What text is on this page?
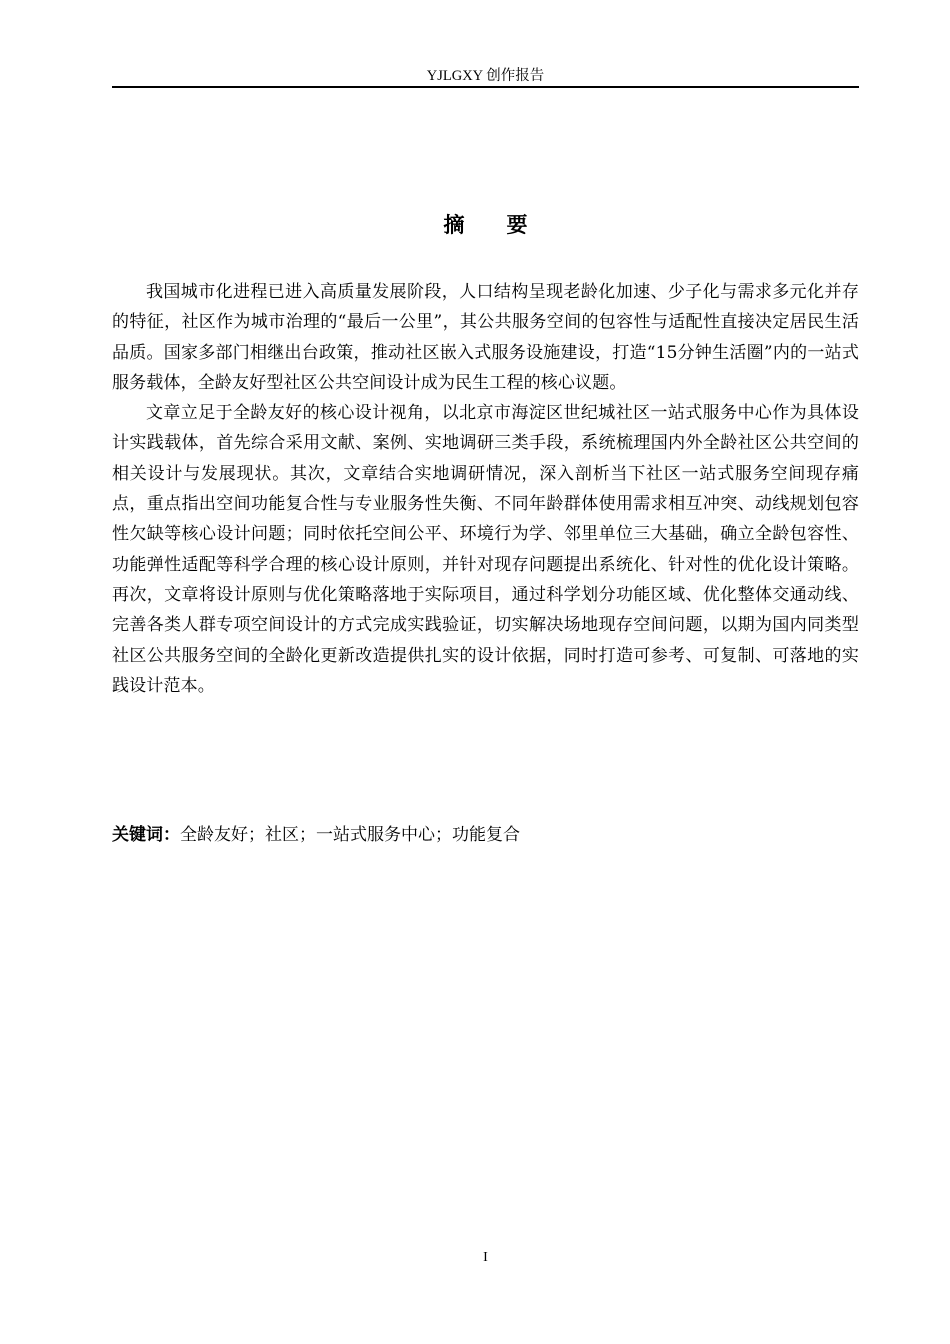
YJLGXY 创作报告
摘 要

我国城市化进程已进入高质量发展阶段，人口结构呈现老龄化加速、少子化与需求多元化并存的特征，社区作为城市治理的“最后一公里”，其公共服务空间的包容性与适配性直接决定居民生活品质。国家多部门相继出台政策，推动社区嵌入式服务设施建设，打造“15分钟生活圈”内的一站式服务载体，全龄友好型社区公共空间设计成为民生工程的核心议题。

文章立足于全龄友好的核心设计视角，以北京市海淀区世纪城社区一站式服务中心作为具体设计实践载体，首先综合采用文献、案例、实地调研三类手段，系统梳理国内外全龄社区公共空间的相关设计与发展现状。其次，文章结合实地调研情况，深入剖析当下社区一站式服务空间现存痛点，重点指出空间功能复合性与专业服务性失衡、不同年龄群体使用需求相互冲突、动线规划包容性欠缺等核心设计问题；同时依托空间公平、环境行为学、邻里单位三大基础，确立全龄包容性、功能弹性适配等科学合理的核心设计原则，并针对现存问题提出系统化、针对性的优化设计策略。再次，文章将设计原则与优化策略落地于实际项目，通过科学划分功能区域、优化整体交通动线、完善各类人群专项空间设计的方式完成实践验证，切实解决场地现存空间问题，以期为国内同类型社区公共服务空间的全龄化更新改造提供扎实的设计依据，同时打造可参考、可复制、可落地的实践设计范本。

关键词：全龄友好；社区；一站式服务中心；功能复合
I
